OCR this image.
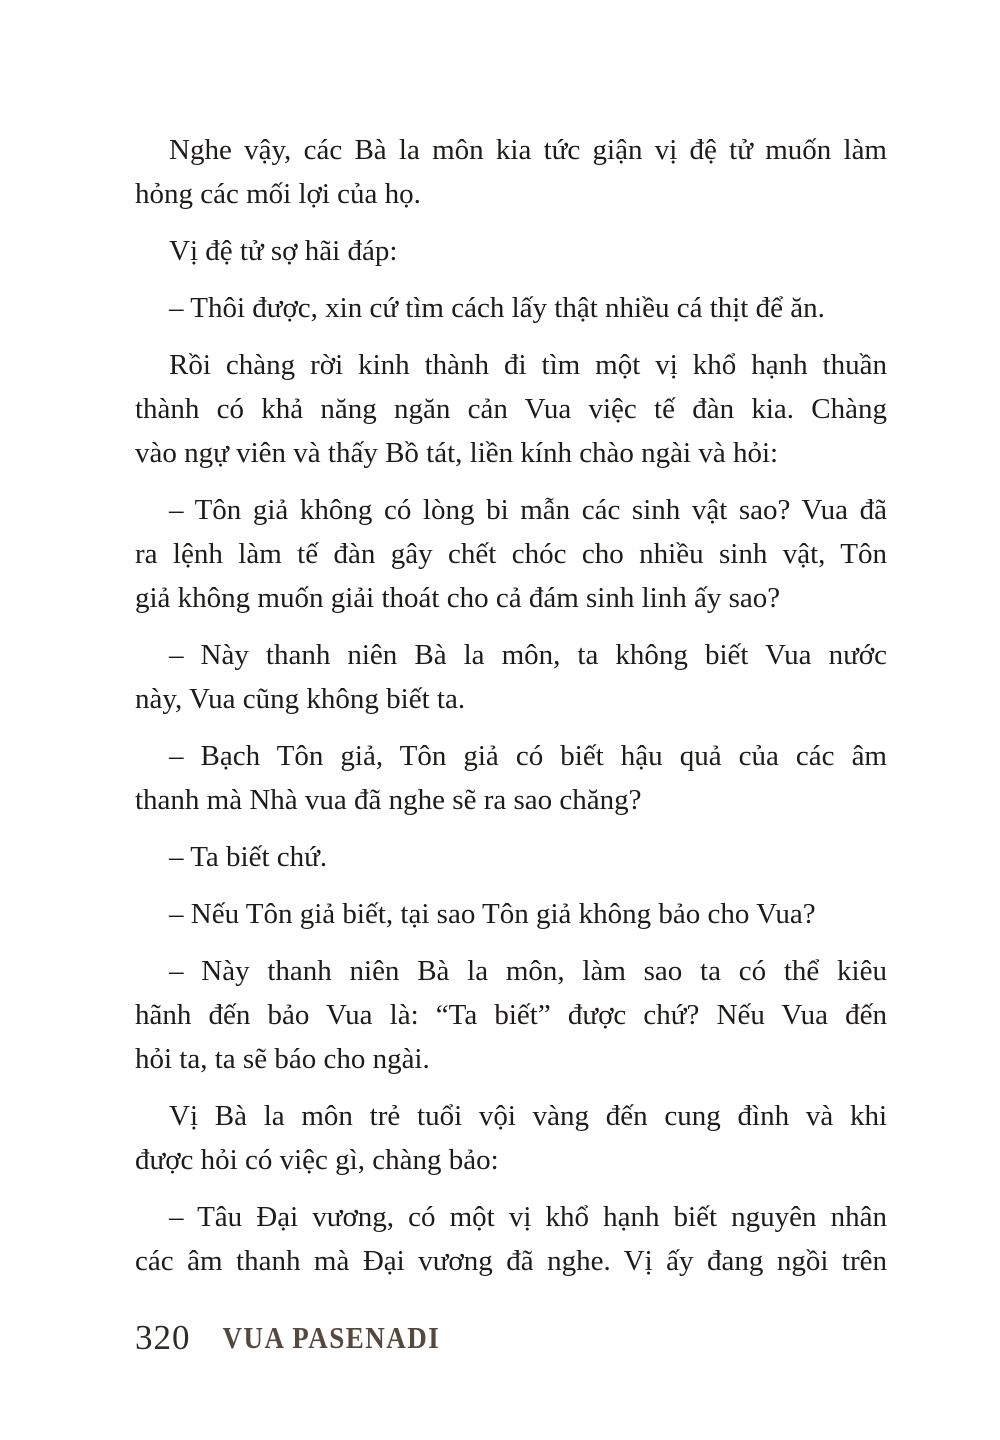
Nghe vậy, các Bà la môn kia tức giận vị đệ tử muốn làm
hỏng các mối lợi của họ.
Vị đệ tử sợ hãi đáp:
– Thôi được, xin cứ tìm cách lấy thật nhiều cá thịt để ăn.
Rồi chàng rời kinh thành đi tìm một vị khổ hạnh thuần
thành có khả năng ngăn cản Vua việc tế đàn kia. Chàng
vào ngự viên và thấy Bồ tát, liền kính chào ngài và hỏi:
– Tôn giả không có lòng bi mẫn các sinh vật sao? Vua đã
ra lệnh làm tế đàn gây chết chóc cho nhiều sinh vật, Tôn
giả không muốn giải thoát cho cả đám sinh linh ấy sao?
– Này thanh niên Bà la môn, ta không biết Vua nước
này, Vua cũng không biết ta.
– Bạch Tôn giả, Tôn giả có biết hậu quả của các âm
thanh mà Nhà vua đã nghe sẽ ra sao chăng?
– Ta biết chứ.
– Nếu Tôn giả biết, tại sao Tôn giả không bảo cho Vua?
– Này thanh niên Bà la môn, làm sao ta có thể kiêu
hãnh đến bảo Vua là: “Ta biết” được chứ? Nếu Vua đến
hỏi ta, ta sẽ báo cho ngài.
Vị Bà la môn trẻ tuổi vội vàng đến cung đình và khi
được hỏi có việc gì, chàng bảo:
– Tâu Đại vương, có một vị khổ hạnh biết nguyên nhân
các âm thanh mà Đại vương đã nghe. Vị ấy đang ngồi trên
320 VUA PASENADI
